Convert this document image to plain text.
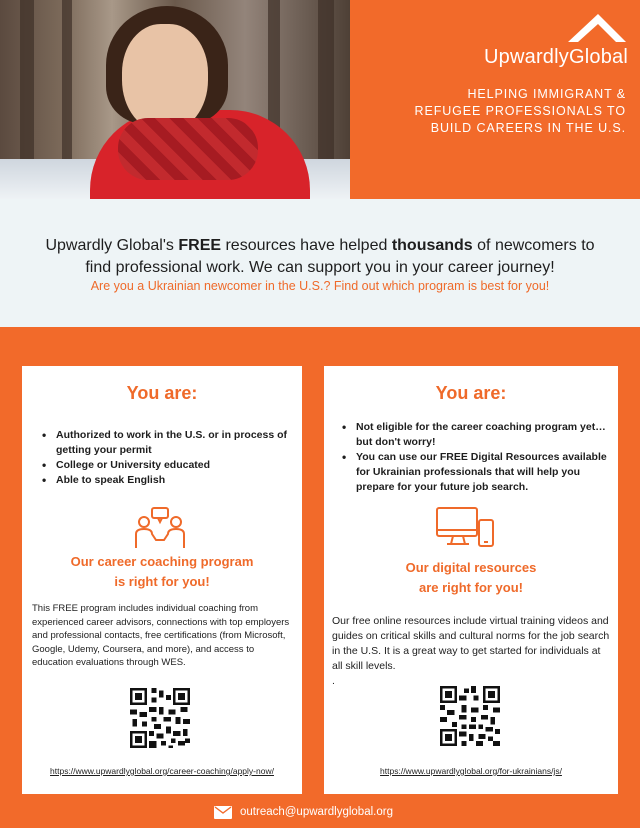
UpwardlyGlobal
HELPING IMMIGRANT &
REFUGEE PROFESSIONALS TO
BUILD CAREERS IN THE U.S.
Upwardly Global's FREE resources have helped thousands of newcomers to
find professional work. We can support you in your career journey!
Are you a Ukrainian newcomer in the U.S.? Find out which program is best for you!
You are:
• Authorized to work in the U.S. or in process of getting your permit
• College or University educated
• Able to speak English
Our career coaching program
is right for you!
This FREE program includes individual coaching from experienced career advisors, connections with top employers and professional contacts, free certifications (from Microsoft, Google, Udemy, Coursera, and more), and access to education evaluations through WES.
https://www.upwardlyglobal.org/career-coaching/apply-now/
You are:
• Not eligible for the career coaching program yet… but don't worry!
• You can use our FREE Digital Resources available for Ukrainian professionals that will help you prepare for your future job search.
Our digital resources
are right for you!
Our free online resources include virtual training videos and guides on critical skills and cultural norms for the job search in the U.S. It is a great way to get started for individuals at all skill levels.
.
https://www.upwardlyglobal.org/for-ukrainians/js/
outreach@upwardlyglobal.org
